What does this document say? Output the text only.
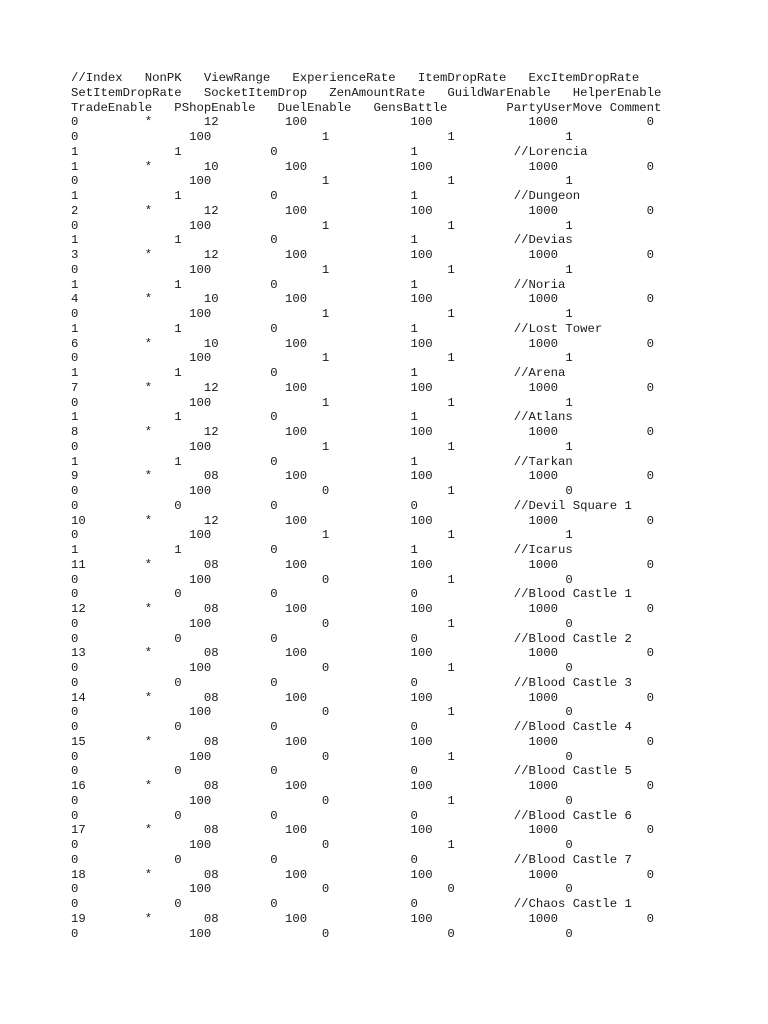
//Index   NonPK   ViewRange   ExperienceRate   ItemDropRate   ExcItemDropRate
SetItemDropRate   SocketItemDrop   ZenAmountRate   GuildWarEnable   HelperEnable
TradeEnable   PShopEnable   DuelEnable   GensBattle        PartyUserMove Comment
0         *       12         100              100             1000            0
0               100               1                1               1
1             1            0                  1             //Lorencia
1         *       10         100              100             1000            0
0               100               1                1               1
1             1            0                  1             //Dungeon
2         *       12         100              100             1000            0
0               100               1                1               1
1             1            0                  1             //Devias
3         *       12         100              100             1000            0
0               100               1                1               1
1             1            0                  1             //Noria
4         *       10         100              100             1000            0
0               100               1                1               1
1             1            0                  1             //Lost Tower
6         *       10         100              100             1000            0
0               100               1                1               1
1             1            0                  1             //Arena
7         *       12         100              100             1000            0
0               100               1                1               1
1             1            0                  1             //Atlans
8         *       12         100              100             1000            0
0               100               1                1               1
1             1            0                  1             //Tarkan
9         *       08         100              100             1000            0
0               100               0                1               0
0             0            0                  0             //Devil Square 1
10        *       12         100              100             1000            0
0               100               1                1               1
1             1            0                  1             //Icarus
11        *       08         100              100             1000            0
0               100               0                1               0
0             0            0                  0             //Blood Castle 1
12        *       08         100              100             1000            0
0               100               0                1               0
0             0            0                  0             //Blood Castle 2
13        *       08         100              100             1000            0
0               100               0                1               0
0             0            0                  0             //Blood Castle 3
14        *       08         100              100             1000            0
0               100               0                1               0
0             0            0                  0             //Blood Castle 4
15        *       08         100              100             1000            0
0               100               0                1               0
0             0            0                  0             //Blood Castle 5
16        *       08         100              100             1000            0
0               100               0                1               0
0             0            0                  0             //Blood Castle 6
17        *       08         100              100             1000            0
0               100               0                1               0
0             0            0                  0             //Blood Castle 7
18        *       08         100              100             1000            0
0               100               0                0               0
0             0            0                  0             //Chaos Castle 1
19        *       08         100              100             1000            0
0               100               0                0               0
